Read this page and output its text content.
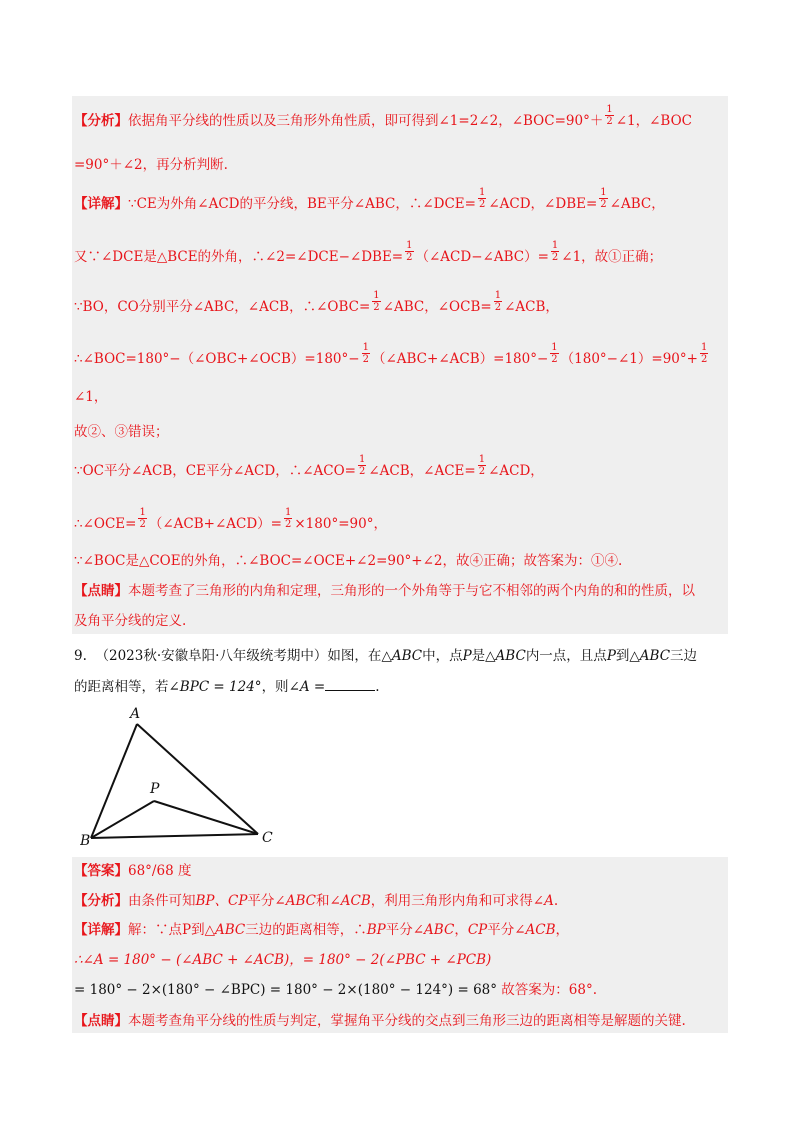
【分析】依据角平分线的性质以及三角形外角性质，即可得到∠1=2∠2，∠BOC=90°＋ $\frac{1}{2}$ ∠1，∠BOC
=90°＋∠2，再分析判断.
【详解】∵CE为外角∠ACD的平分线，BE平分∠ABC，∴∠DCE= $\frac{1}{2}$ ∠ACD，∠DBE= $\frac{1}{2}$ ∠ABC，
又∵∠DCE是△BCE的外角，∴∠2=∠DCE−∠DBE= $\frac{1}{2}$ （∠ACD−∠ABC）= $\frac{1}{2}$ ∠1，故①正确；
∵BO，CO分别平分∠ABC，∠ACB，∴∠OBC= $\frac{1}{2}$ ∠ABC，∠OCB= $\frac{1}{2}$ ∠ACB，
∴∠BOC=180°−（∠OBC+∠OCB）=180°− $\frac{1}{2}$ （∠ABC+∠ACB）=180°− $\frac{1}{2}$ （180°−∠1）=90°+ $\frac{1}{2}$
∠1，
故②、③错误；
∵OC平分∠ACB，CE平分∠ACD，∴∠ACO= $\frac{1}{2}$ ∠ACB，∠ACE= $\frac{1}{2}$ ∠ACD，
∴∠OCE= $\frac{1}{2}$ （∠ACB+∠ACD）= $\frac{1}{2} \times 180^\circ=90^\circ$，
∵∠BOC是△COE的外角，∴∠BOC=∠OCE+∠2=90°+∠2，故④正确；故答案为：①④.
【点睛】本题考查了三角形的内角和定理，三角形的一个外角等于与它不相邻的两个内角的和的性质，以
及角平分线的定义.
9. （2023秋·安徽阜阳·八年级统考期中）如图，在△ABC中，点P是△ABC内一点，且点P到△ABC三边
的距离相等，若∠BPC = 124°，则∠A =	.
A
P
B	C
【答案】68°/68 度
【分析】由条件可知BP、CP平分∠ABC和∠ACB，利用三角形内角和可求得∠A.
【详解】解：∵点P到△ABC三边的距离相等，∴BP平分∠ABC，CP平分∠ACB，
∴∠A = 180° − (∠ABC + ∠ACB)，= 180° − 2(∠PBC + ∠PCB)
= 180° − 2×(180° − ∠BPC) = 180° − 2×(180° − 124°) = 68° 故答案为：68°.
【点睛】本题考查角平分线的性质与判定，掌握角平分线的交点到三角形三边的距离相等是解题的关键.
